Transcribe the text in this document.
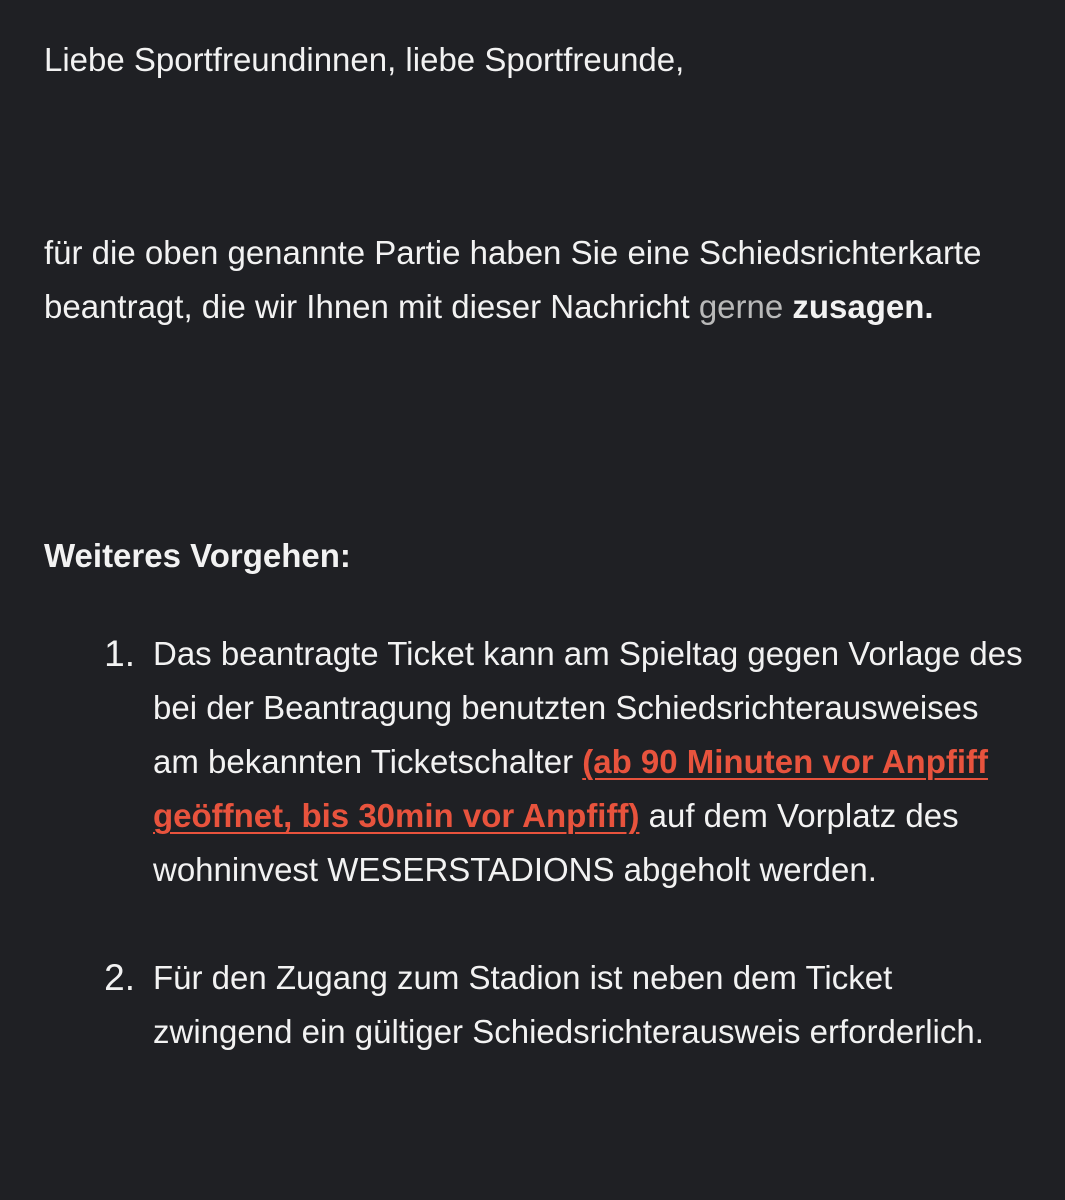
Liebe Sportfreundinnen, liebe Sportfreunde,
für die oben genannte Partie haben Sie eine Schiedsrichterkarte beantragt, die wir Ihnen mit dieser Nachricht gerne zusagen.
Weiteres Vorgehen:
1. Das beantragte Ticket kann am Spieltag gegen Vorlage des bei der Beantragung benutzten Schiedsrichterausweises am bekannten Ticketschalter (ab 90 Minuten vor Anpfiff geöffnet, bis 30min vor Anpfiff) auf dem Vorplatz des wohninvest WESERSTADIONS abgeholt werden.
2. Für den Zugang zum Stadion ist neben dem Ticket zwingend ein gültiger Schiedsrichterausweis erforderlich.
